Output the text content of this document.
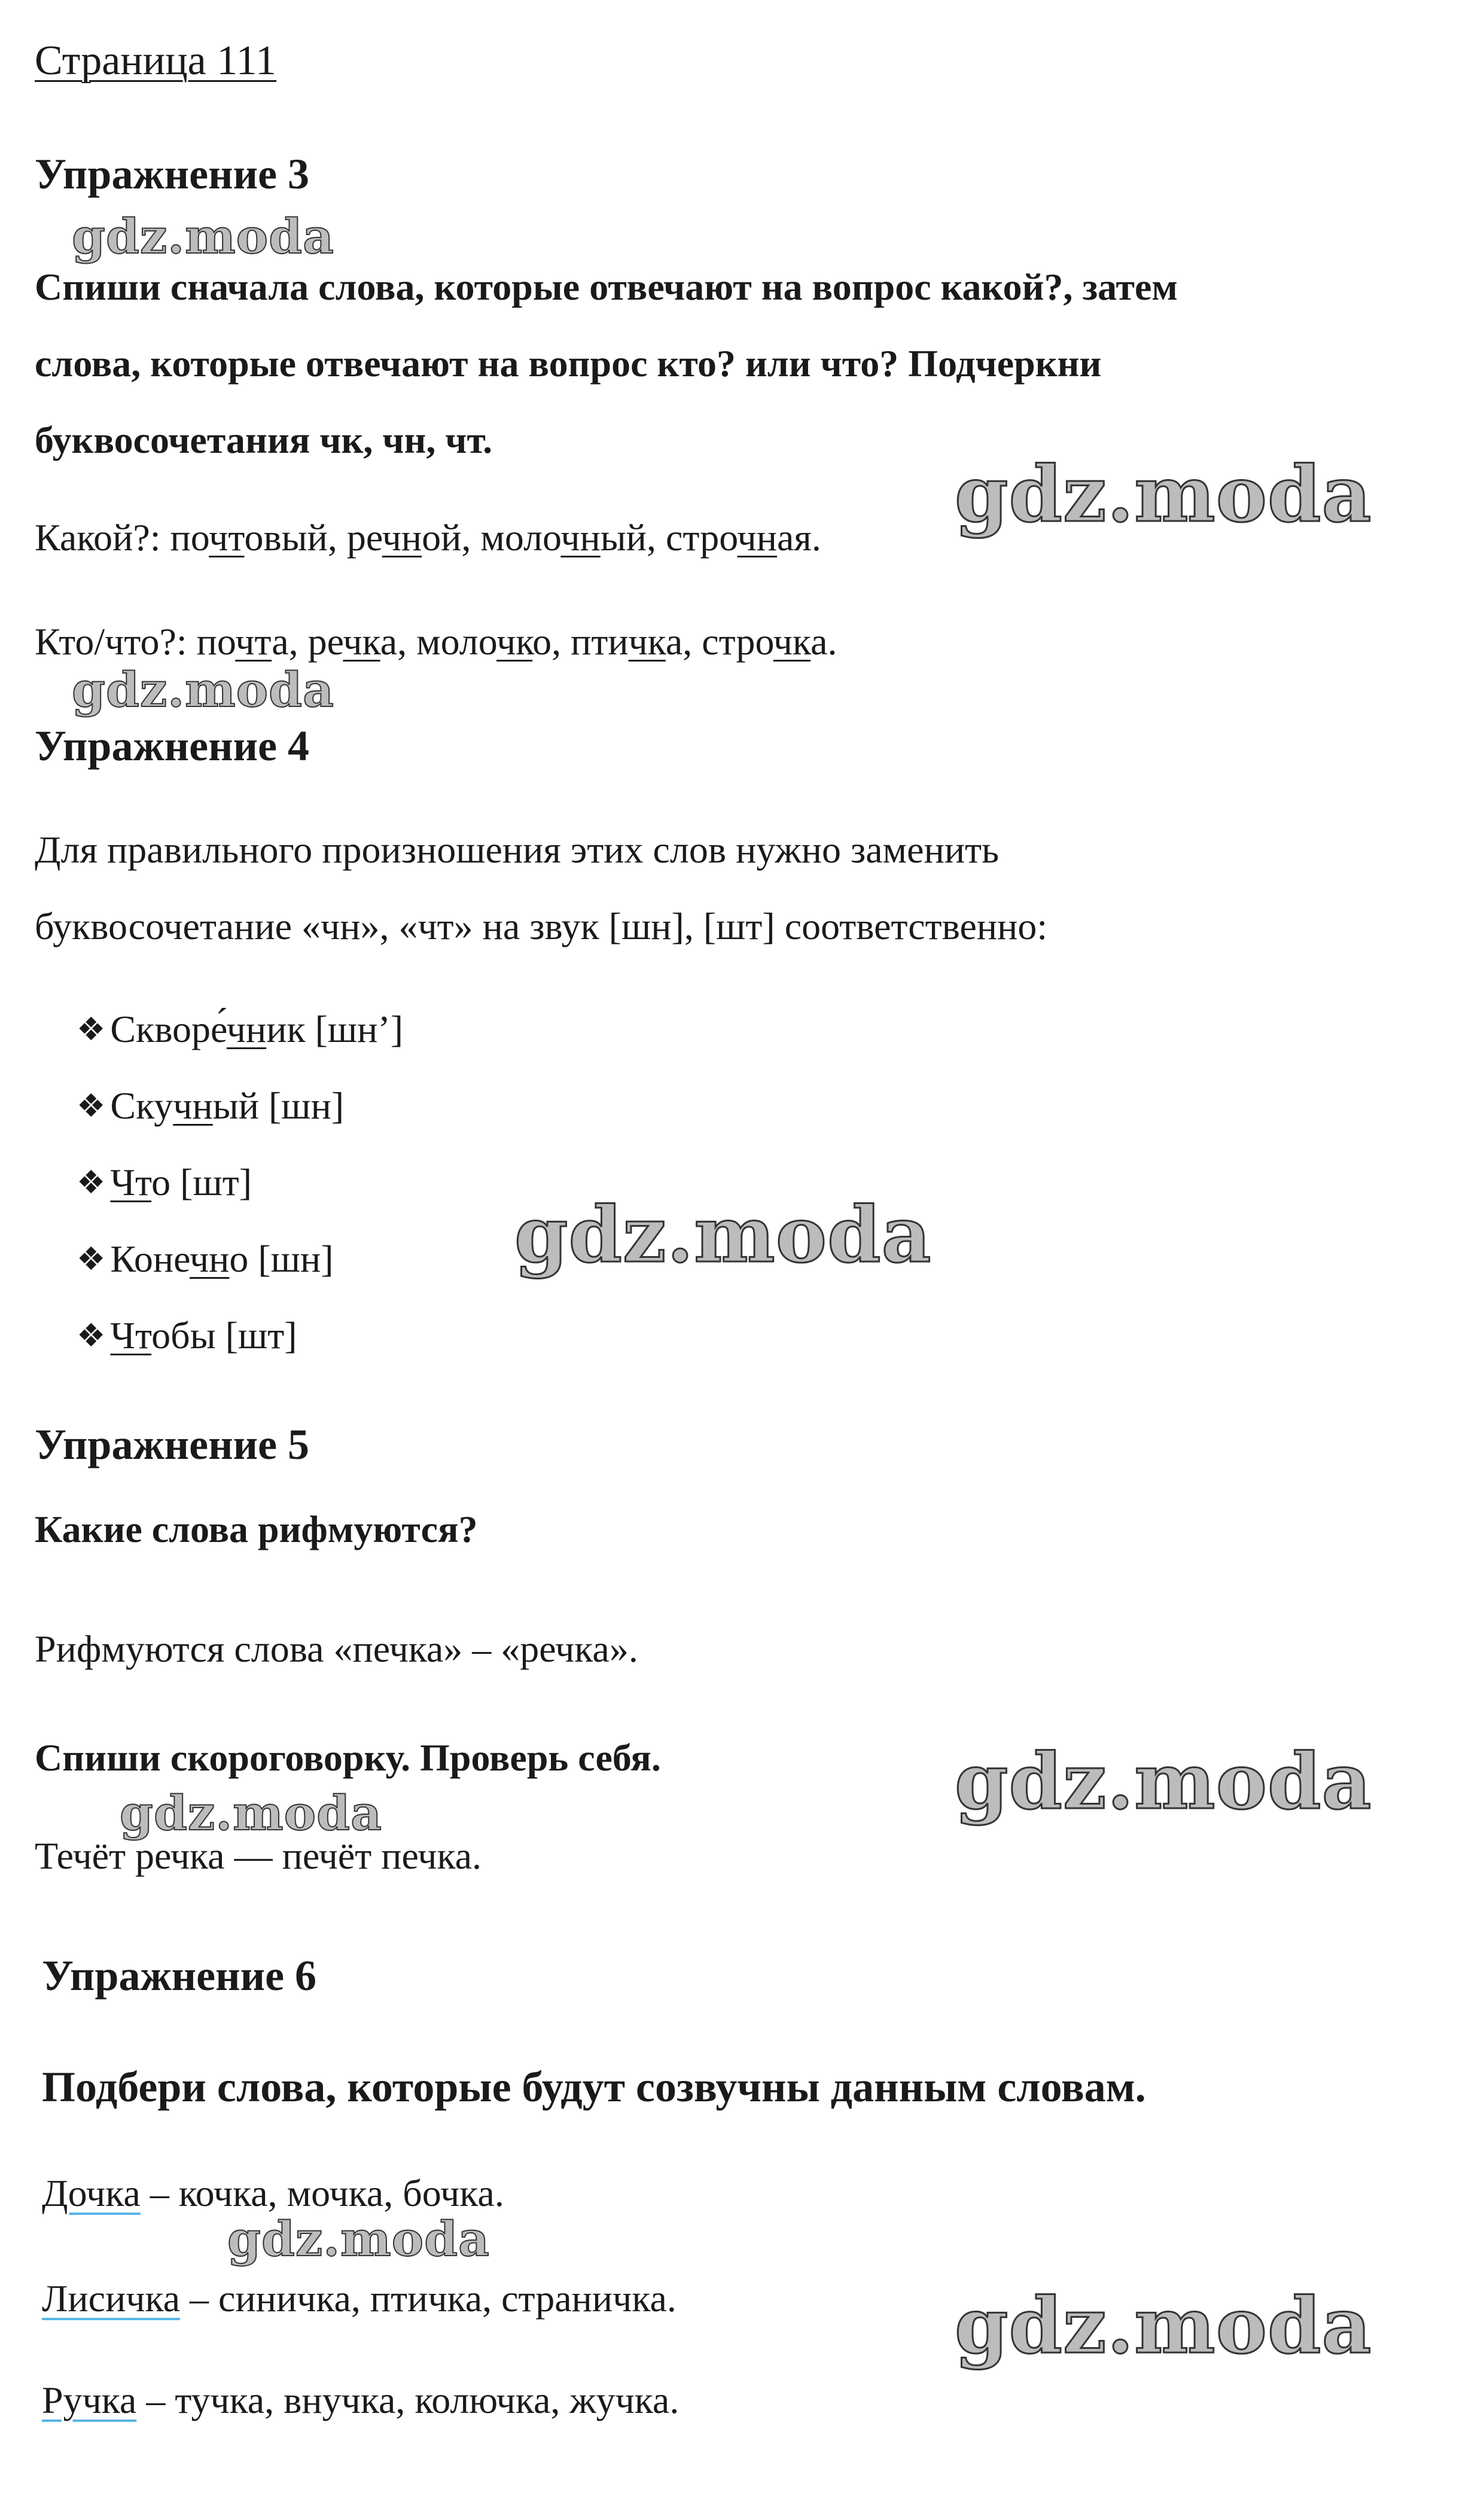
Страница 111
Упражнение 3
Спиши сначала слова, которые отвечают на вопрос какой?, затем
слова, которые отвечают на вопрос кто? или что? Подчеркни
буквосочетания чк, чн, чт.
Какой?: почтовый, речной, молочный, строчная.
Кто/что?: почта, речка, молочко, птичка, строчка.
Упражнение 4
Для правильного произношения этих слов нужно заменить
буквосочетание «чн», «чт» на звук [шн], [шт] соответственно:
❖ Скворе́чник [шн’]
❖ Скучный [шн]
❖ Что [шт]
❖ Конечно [шн]
❖ Чтобы [шт]
Упражнение 5
Какие слова рифмуются?
Рифмуются слова «печка» – «речка».
Спиши скороговорку. Проверь себя.
Течёт речка — печёт печка.
Упражнение 6
Подбери слова, которые будут созвучны данным словам.
Дочка – кочка, мочка, бочка.
Лисичка – синичка, птичка, страничка.
Ручка – тучка, внучка, колючка, жучка.
gdz.moda
gdz.moda
gdz.moda
gdz.moda
gdz.moda
gdz.moda
gdz.moda
gdz.moda
